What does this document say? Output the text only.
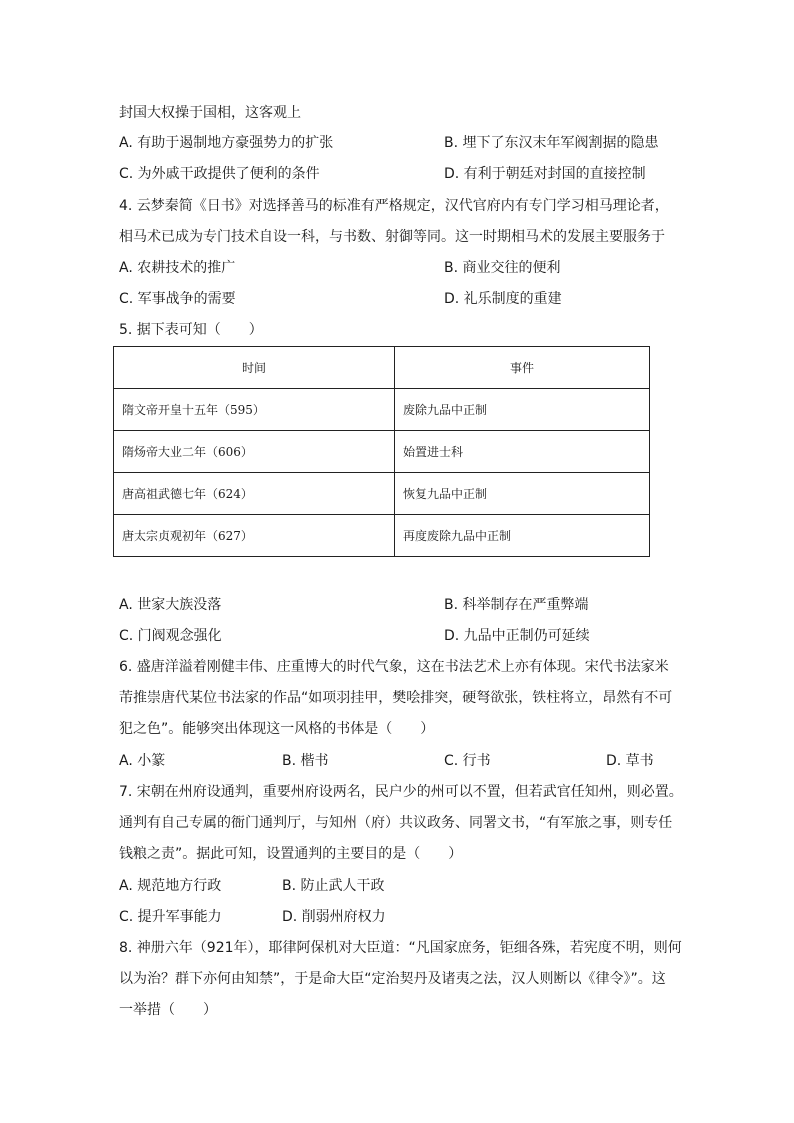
封国大权操于国相，这客观上
A. 有助于遏制地方豪强势力的扩张	B. 埋下了东汉末年军阀割据的隐患
C. 为外戚干政提供了便利的条件	D. 有利于朝廷对封国的直接控制
4. 云梦秦简《日书》对选择善马的标准有严格规定，汉代官府内有专门学习相马理论者，
相马术已成为专门技术自设一科，与书数、射御等同。这一时期相马术的发展主要服务于
A. 农耕技术的推广	B. 商业交往的便利
C. 军事战争的需要	D. 礼乐制度的重建
5. 据下表可知（　　）
时间	事件
隋文帝开皇十五年（595）	废除九品中正制
隋炀帝大业二年（606）	始置进士科
唐高祖武德七年（624）	恢复九品中正制
唐太宗贞观初年（627）	再度废除九品中正制
A. 世家大族没落	B. 科举制存在严重弊端
C. 门阀观念强化	D. 九品中正制仍可延续
6. 盛唐洋溢着刚健丰伟、庄重博大的时代气象，这在书法艺术上亦有体现。宋代书法家米
芾推崇唐代某位书法家的作品“如项羽挂甲，樊哙排突，硬弩欲张，铁柱将立，昂然有不可
犯之色”。能够突出体现这一风格的书体是（　　）
A. 小篆	B. 楷书	C. 行书	D. 草书
7. 宋朝在州府设通判，重要州府设两名，民户少的州可以不置，但若武官任知州，则必置。
通判有自己专属的衙门通判厅，与知州（府）共议政务、同署文书，“有军旅之事，则专任
钱粮之责”。据此可知，设置通判的主要目的是（　　）
A. 规范地方行政	B. 防止武人干政
C. 提升军事能力	D. 削弱州府权力
8. 神册六年（921年），耶律阿保机对大臣道：“凡国家庶务，钜细各殊，若宪度不明，则何
以为治？群下亦何由知禁”，于是命大臣“定治契丹及诸夷之法，汉人则断以《律令》”。这
一举措（　　）
